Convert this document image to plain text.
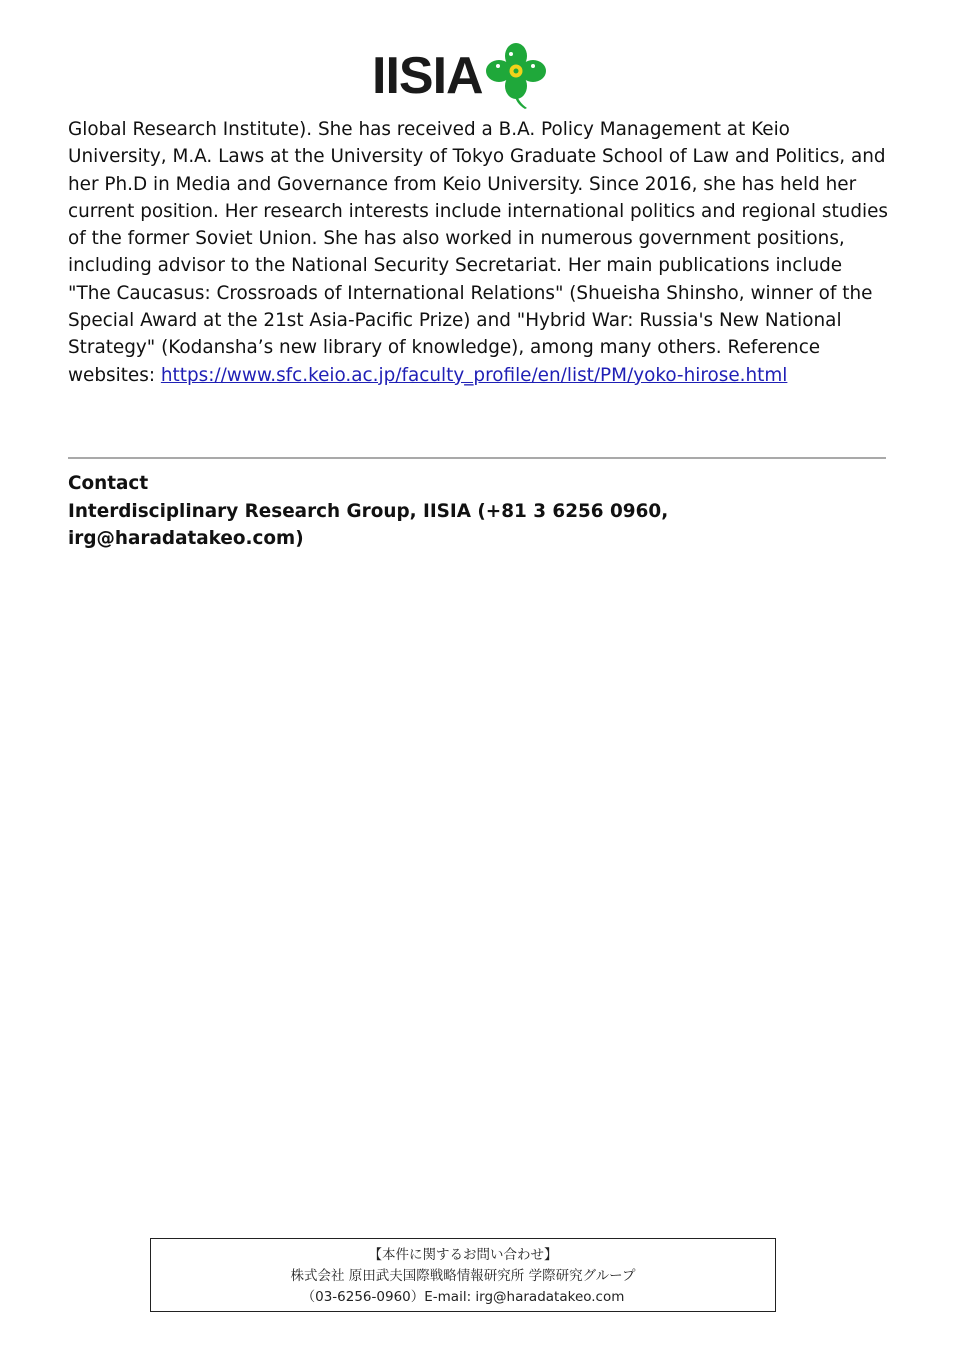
IISIA

Global Research Institute). She has received a B.A. Policy Management at Keio University, M.A. Laws at the University of Tokyo Graduate School of Law and Politics, and her Ph.D in Media and Governance from Keio University. Since 2016, she has held her current position. Her research interests include international politics and regional studies of the former Soviet Union. She has also worked in numerous government positions, including advisor to the National Security Secretariat. Her main publications include "The Caucasus: Crossroads of International Relations" (Shueisha Shinsho, winner of the Special Award at the 21st Asia-Pacific Prize) and "Hybrid War: Russia's New National Strategy" (Kodansha’s new library of knowledge), among many others. Reference websites: https://www.sfc.keio.ac.jp/faculty_profile/en/list/PM/yoko-hirose.html

Contact
Interdisciplinary Research Group, IISIA (+81 3 6256 0960,
irg@haradatakeo.com)
【本件に関するお問い合わせ】
株式会社 原田武夫国際戦略情報研究所 学際研究グループ
（03-6256-0960）E-mail: irg@haradatakeo.com
